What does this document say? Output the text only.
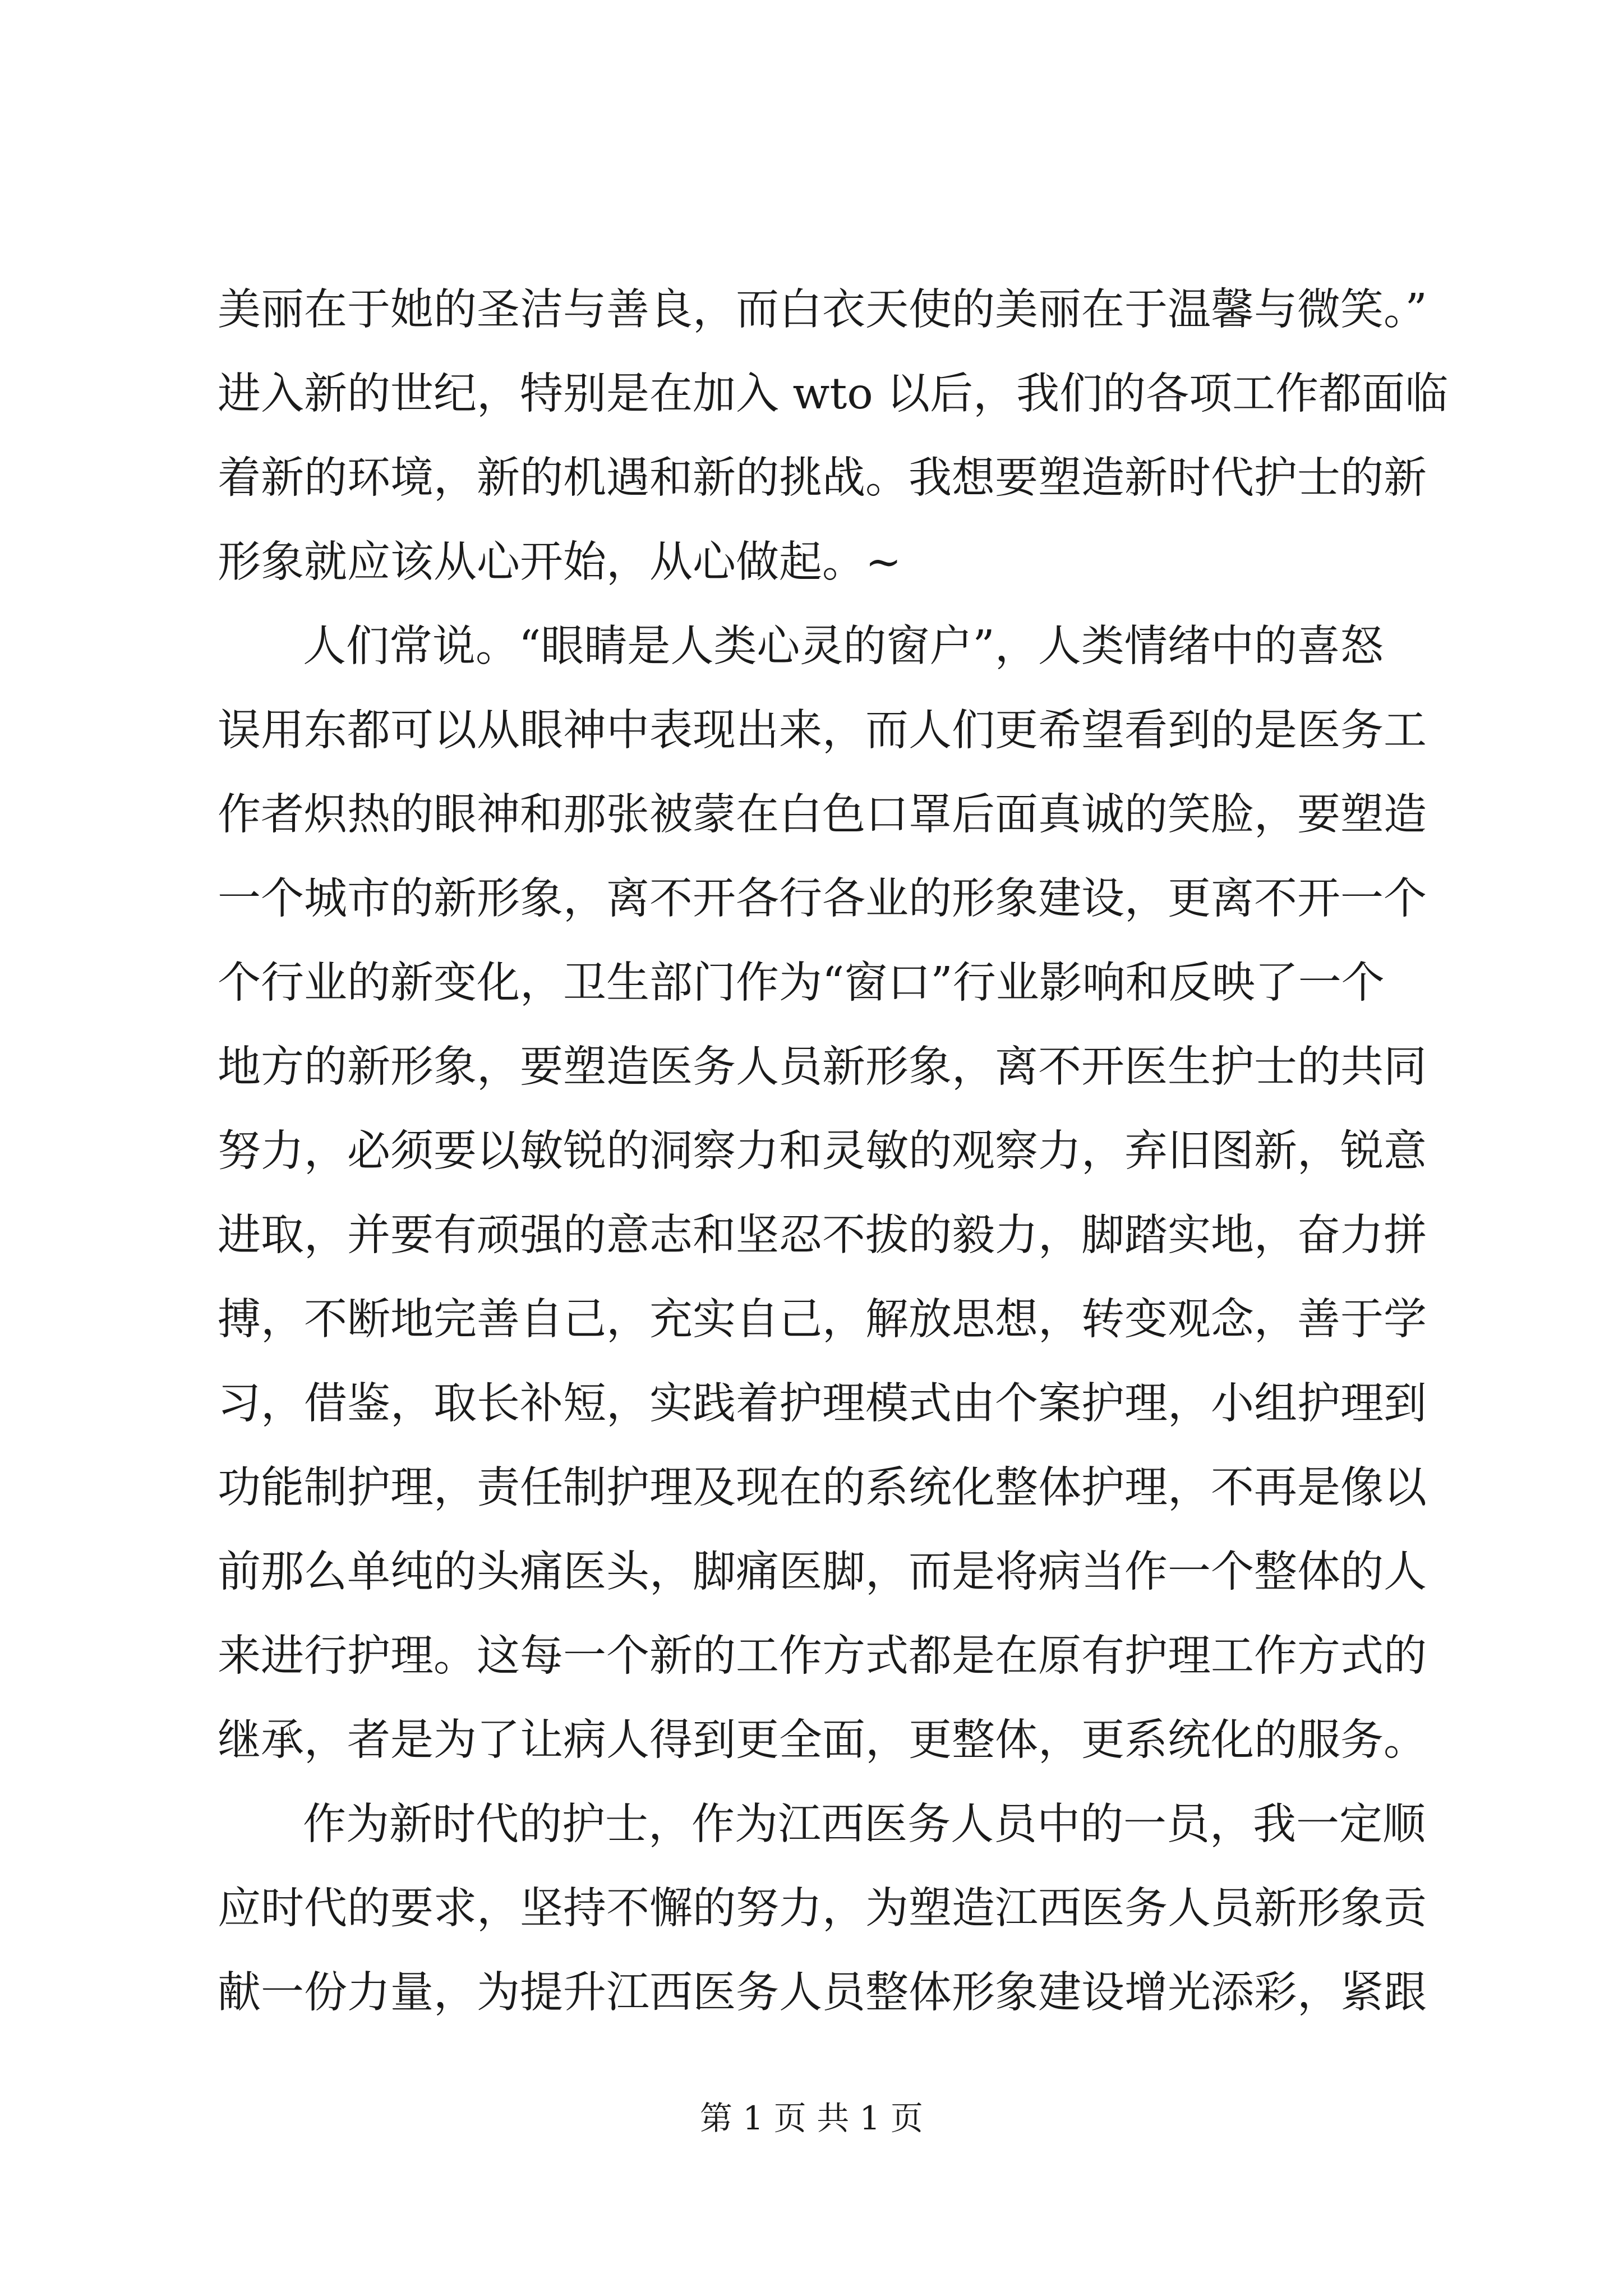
美丽在于她的圣洁与善良，而白衣天使的美丽在于温馨与微笑。”
进入新的世纪，特别是在加入 wto 以后，我们的各项工作都面临
着新的环境，新的机遇和新的挑战。我想要塑造新时代护士的新
形象就应该从心开始，从心做起。~
人们常说。“眼睛是人类心灵的窗户”，人类情绪中的喜怒
误用东都可以从眼神中表现出来，而人们更希望看到的是医务工
作者炽热的眼神和那张被蒙在白色口罩后面真诚的笑脸，要塑造
一个城市的新形象，离不开各行各业的形象建设，更离不开一个
个行业的新变化，卫生部门作为“窗口”行业影响和反映了一个
地方的新形象，要塑造医务人员新形象，离不开医生护士的共同
努力，必须要以敏锐的洞察力和灵敏的观察力，弃旧图新，锐意
进取，并要有顽强的意志和坚忍不拔的毅力，脚踏实地，奋力拼
搏，不断地完善自己，充实自己，解放思想，转变观念，善于学
习，借鉴，取长补短，实践着护理模式由个案护理，小组护理到
功能制护理，责任制护理及现在的系统化整体护理，不再是像以
前那么单纯的头痛医头，脚痛医脚，而是将病当作一个整体的人
来进行护理。这每一个新的工作方式都是在原有护理工作方式的
继承，者是为了让病人得到更全面，更整体，更系统化的服务。
作为新时代的护士，作为江西医务人员中的一员，我一定顺
应时代的要求，坚持不懈的努力，为塑造江西医务人员新形象贡
献一份力量，为提升江西医务人员整体形象建设增光添彩，紧跟
第 1 页 共 1 页
